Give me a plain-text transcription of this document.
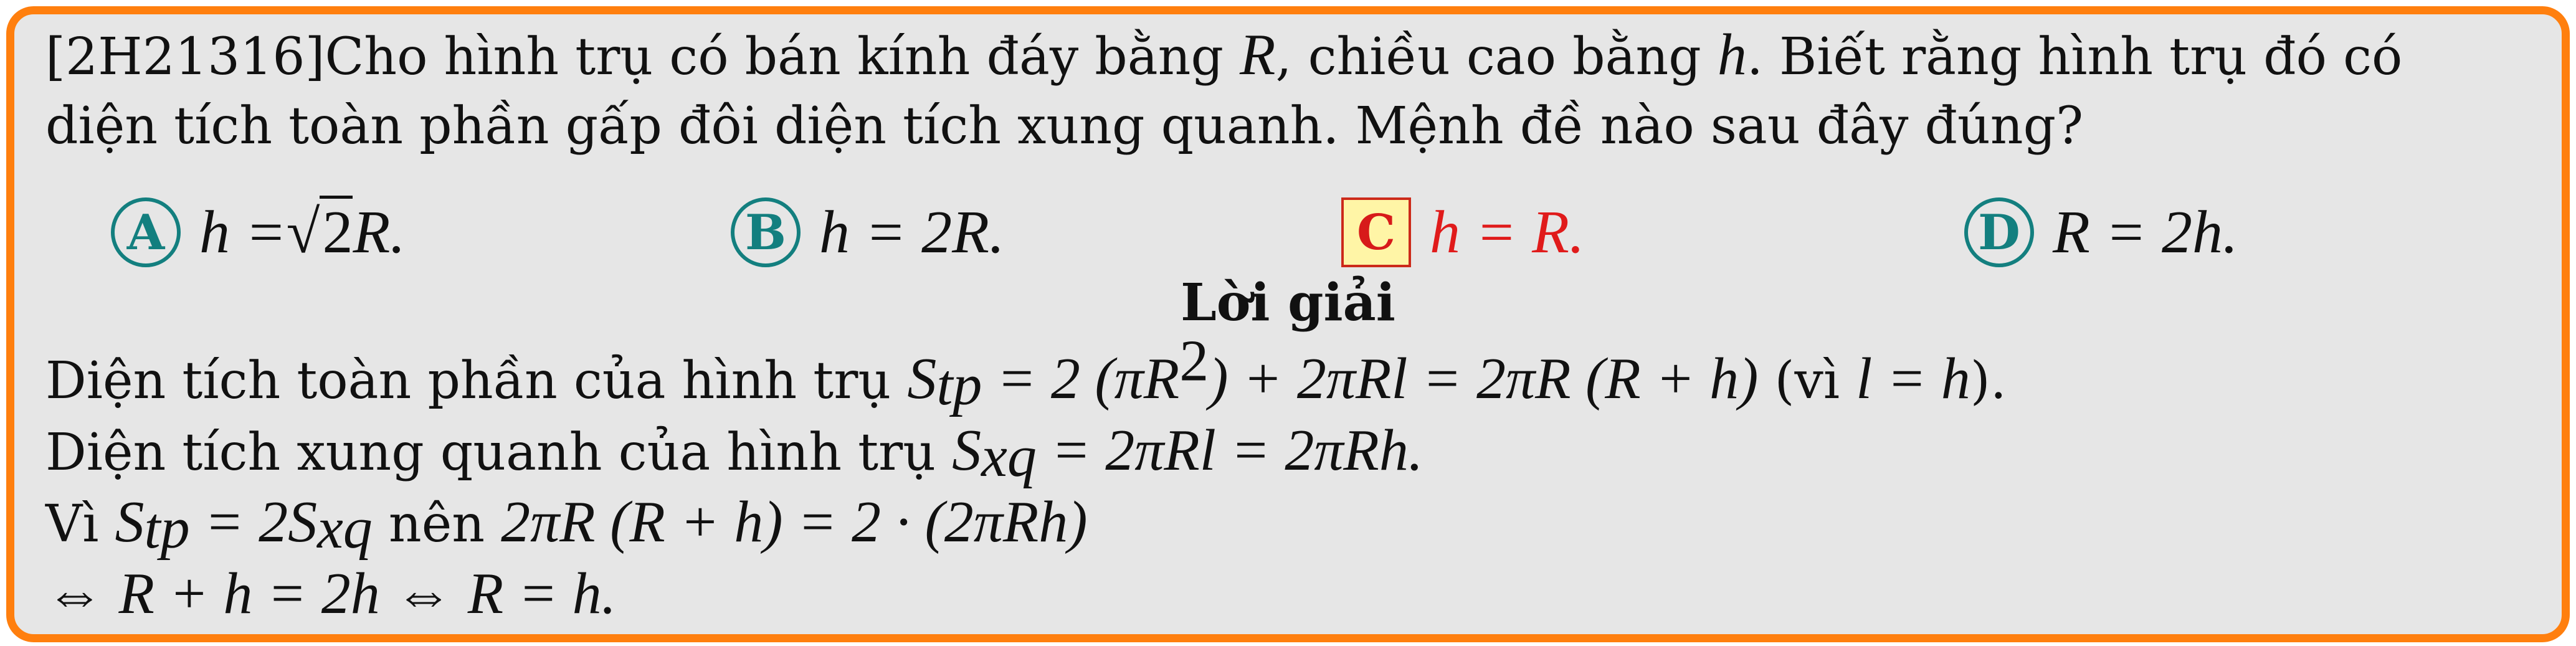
[2H21316]Cho hình trụ có bán kính đáy bằng R, chiều cao bằng h. Biết rằng hình trụ đó có
diện tích toàn phần gấp đôi diện tích xung quanh. Mệnh đề nào sau đây đúng?
A h = √2 R.	B h = 2R.	C h = R.	D R = 2h.
Lời giải
Diện tích toàn phần của hình trụ $S_{tp} = 2$ $(\pi R^2) + 2\pi Rl = 2\pi R$ (R + h) (vì l = h).
Diện tích xung quanh của hình trụ $S_{xq} = 2\pi Rl = 2\pi Rh$.
Vì $S_{tp} = 2S_{xq}$ nên 2πR (R + h) = 2 · (2πRh)
⇔ R + h = 2h ⇔ R = h.
